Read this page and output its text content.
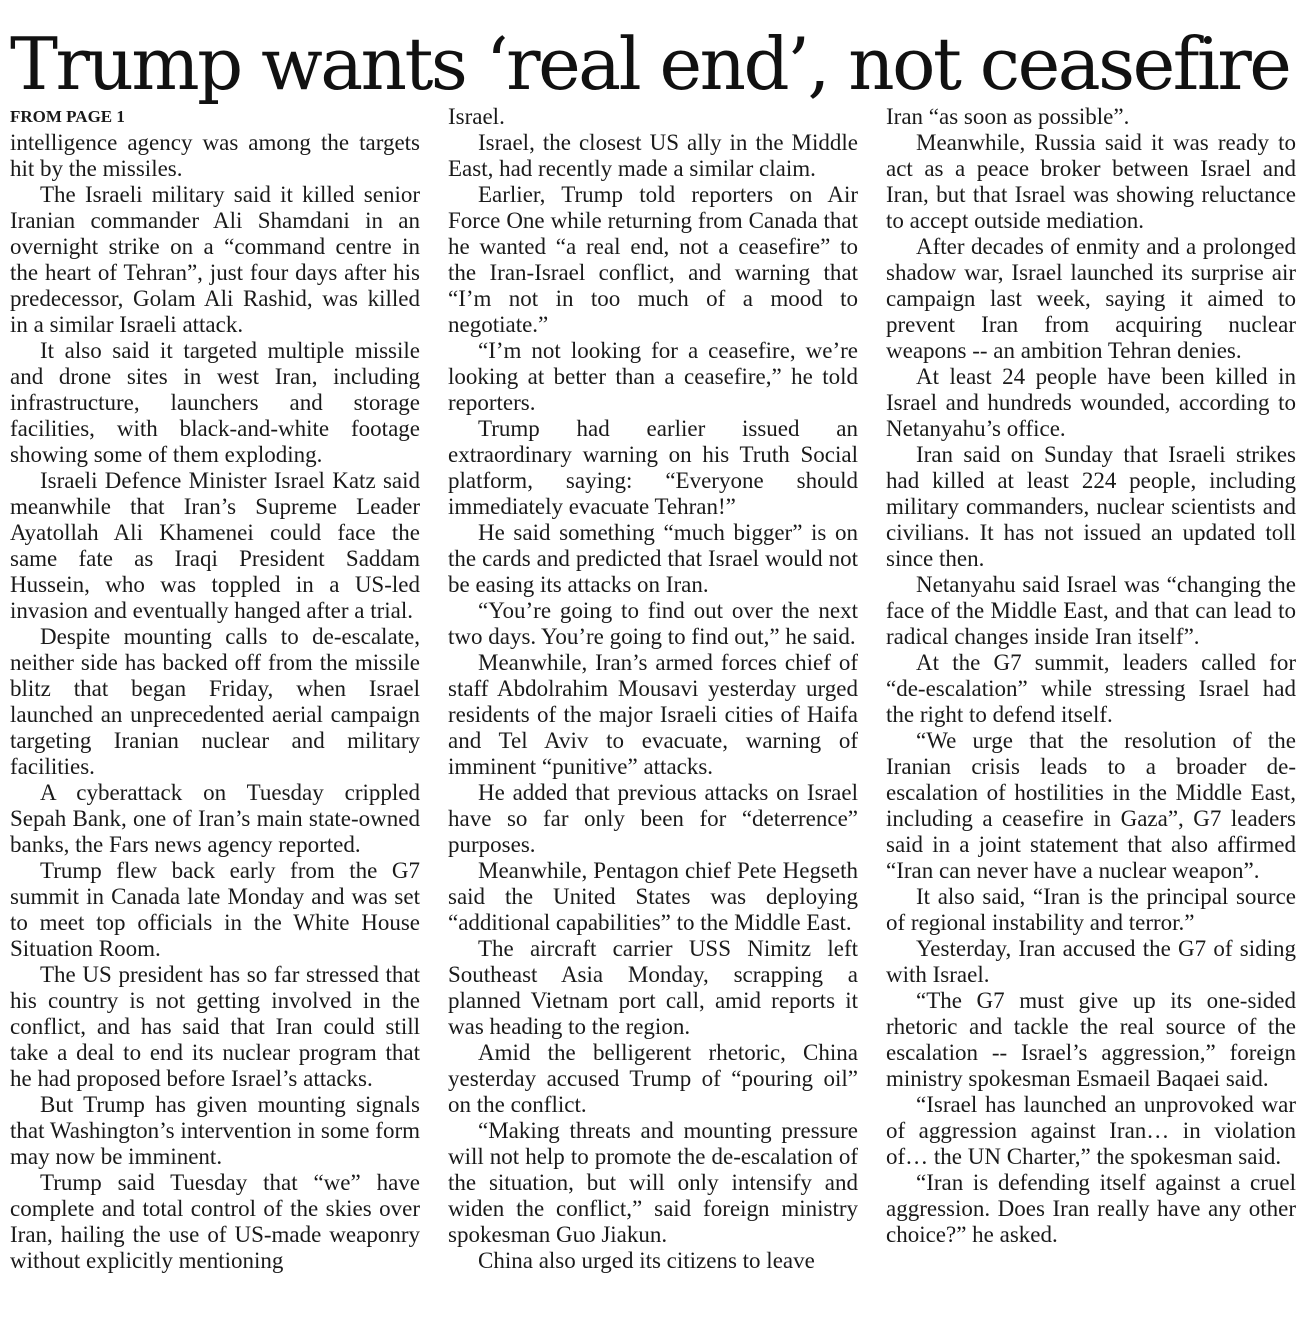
Trump wants ‘real end’, not ceasefire
FROM PAGE 1

intelligence agency was among the targets hit by the missiles.

The Israeli military said it killed senior Iranian commander Ali Shamdani in an overnight strike on a “command centre in the heart of Tehran”, just four days after his predecessor, Golam Ali Rashid, was killed in a similar Israeli attack.

It also said it targeted multiple missile and drone sites in west Iran, including infrastructure, launchers and storage facilities, with black-and-white footage showing some of them exploding.

Israeli Defence Minister Israel Katz said meanwhile that Iran’s Supreme Leader Ayatollah Ali Khamenei could face the same fate as Iraqi President Saddam Hussein, who was toppled in a US-led invasion and eventually hanged after a trial.

Despite mounting calls to de-escalate, neither side has backed off from the missile blitz that began Friday, when Israel launched an unprecedented aerial campaign targeting Iranian nuclear and military facilities.

A cyberattack on Tuesday crippled Sepah Bank, one of Iran’s main state-owned banks, the Fars news agency reported.

Trump flew back early from the G7 summit in Canada late Monday and was set to meet top officials in the White House Situation Room.

The US president has so far stressed that his country is not getting involved in the conflict, and has said that Iran could still take a deal to end its nuclear program that he had proposed before Israel’s attacks.

But Trump has given mounting signals that Washington’s intervention in some form may now be imminent.

Trump said Tuesday that “we” have complete and total control of the skies over Iran, hailing the use of US-made weaponry without explicitly mentioning

Israel.

Israel, the closest US ally in the Middle East, had recently made a similar claim.

Earlier, Trump told reporters on Air Force One while returning from Canada that he wanted “a real end, not a ceasefire” to the Iran-Israel conflict, and warning that “I’m not in too much of a mood to negotiate.”

“I’m not looking for a ceasefire, we’re looking at better than a ceasefire,” he told reporters.

Trump had earlier issued an extraordinary warning on his Truth Social platform, saying: “Everyone should immediately evacuate Tehran!”

He said something “much bigger” is on the cards and predicted that Israel would not be easing its attacks on Iran.

“You’re going to find out over the next two days. You’re going to find out,” he said.

Meanwhile, Iran’s armed forces chief of staff Abdolrahim Mousavi yesterday urged residents of the major Israeli cities of Haifa and Tel Aviv to evacuate, warning of imminent “punitive” attacks.

He added that previous attacks on Israel have so far only been for “deterrence” purposes.

Meanwhile, Pentagon chief Pete Hegseth said the United States was deploying “additional capabilities” to the Middle East.

The aircraft carrier USS Nimitz left Southeast Asia Monday, scrapping a planned Vietnam port call, amid reports it was heading to the region.

Amid the belligerent rhetoric, China yesterday accused Trump of “pouring oil” on the conflict.

“Making threats and mounting pressure will not help to promote the de-escalation of the situation, but will only intensify and widen the conflict,” said foreign ministry spokesman Guo Jiakun.

China also urged its citizens to leave

Iran “as soon as possible”.

Meanwhile, Russia said it was ready to act as a peace broker between Israel and Iran, but that Israel was showing reluctance to accept outside mediation.

After decades of enmity and a prolonged shadow war, Israel launched its surprise air campaign last week, saying it aimed to prevent Iran from acquiring nuclear weapons -- an ambition Tehran denies.

At least 24 people have been killed in Israel and hundreds wounded, according to Netanyahu’s office.

Iran said on Sunday that Israeli strikes had killed at least 224 people, including military commanders, nuclear scientists and civilians. It has not issued an updated toll since then.

Netanyahu said Israel was “changing the face of the Middle East, and that can lead to radical changes inside Iran itself”.

At the G7 summit, leaders called for “de-escalation” while stressing Israel had the right to defend itself.

“We urge that the resolution of the Iranian crisis leads to a broader de-escalation of hostilities in the Middle East, including a ceasefire in Gaza”, G7 leaders said in a joint statement that also affirmed “Iran can never have a nuclear weapon”.

It also said, “Iran is the principal source of regional instability and terror.”

Yesterday, Iran accused the G7 of siding with Israel.

“The G7 must give up its one-sided rhetoric and tackle the real source of the escalation -- Israel’s aggression,” foreign ministry spokesman Esmaeil Baqaei said.

“Israel has launched an unprovoked war of aggression against Iran… in violation of… the UN Charter,” the spokesman said.

“Iran is defending itself against a cruel aggression. Does Iran really have any other choice?” he asked.
